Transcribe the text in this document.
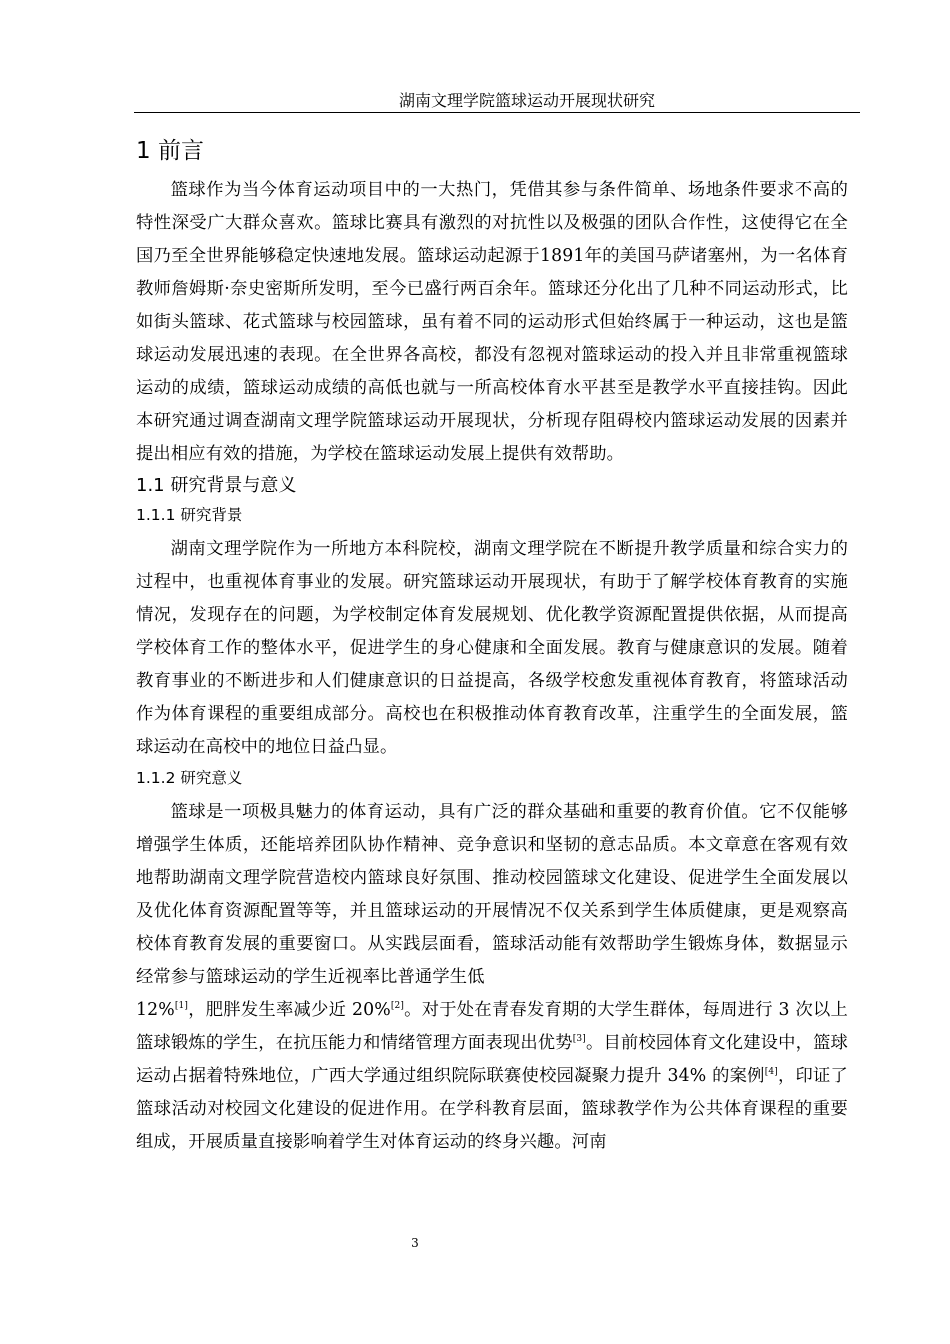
湖南文理学院篮球运动开展现状研究
1 前言

篮球作为当今体育运动项目中的一大热门，凭借其参与条件简单、场地条件要求不高的特性深受广大群众喜欢。篮球比赛具有激烈的对抗性以及极强的团队合作性，这使得它在全国乃至全世界能够稳定快速地发展。篮球运动起源于1891年的美国马萨诸塞州，为一名体育教师詹姆斯·奈史密斯所发明，至今已盛行两百余年。篮球还分化出了几种不同运动形式，比如街头篮球、花式篮球与校园篮球，虽有着不同的运动形式但始终属于一种运动，这也是篮球运动发展迅速的表现。在全世界各高校，都没有忽视对篮球运动的投入并且非常重视篮球运动的成绩，篮球运动成绩的高低也就与一所高校体育水平甚至是教学水平直接挂钩。因此本研究通过调查湖南文理学院篮球运动开展现状，分析现存阻碍校内篮球运动发展的因素并提出相应有效的措施，为学校在篮球运动发展上提供有效帮助。

1.1 研究背景与意义
1.1.1 研究背景

湖南文理学院作为一所地方本科院校，湖南文理学院在不断提升教学质量和综合实力的过程中，也重视体育事业的发展。研究篮球运动开展现状，有助于了解学校体育教育的实施情况，发现存在的问题，为学校制定体育发展规划、优化教学资源配置提供依据，从而提高学校体育工作的整体水平，促进学生的身心健康和全面发展。教育与健康意识的发展。随着教育事业的不断进步和人们健康意识的日益提高，各级学校愈发重视体育教育，将篮球活动作为体育课程的重要组成部分。高校也在积极推动体育教育改革，注重学生的全面发展，篮球运动在高校中的地位日益凸显。

1.1.2 研究意义

篮球是一项极具魅力的体育运动，具有广泛的群众基础和重要的教育价值。它不仅能够增强学生体质，还能培养团队协作精神、竞争意识和坚韧的意志品质。本文章意在客观有效地帮助湖南文理学院营造校内篮球良好氛围、推动校园篮球文化建设、促进学生全面发展以及优化体育资源配置等等，并且篮球运动的开展情况不仅关系到学生体质健康，更是观察高校体育教育发展的重要窗口。从实践层面看，篮球活动能有效帮助学生锻炼身体，数据显示经常参与篮球运动的学生近视率比普通学生低
12%[1]，肥胖发生率减少近 20%[2]。对于处在青春发育期的大学生群体，每周进行 3 次以上篮球锻炼的学生，在抗压能力和情绪管理方面表现出优势[3]。目前校园体育文化建设中，篮球运动占据着特殊地位，广西大学通过组织院际联赛使校园凝聚力提升 34% 的案例[4]，印证了篮球活动对校园文化建设的促进作用。在学科教育层面，篮球教学作为公共体育课程的重要组成，开展质量直接影响着学生对体育运动的终身兴趣。河南

3
